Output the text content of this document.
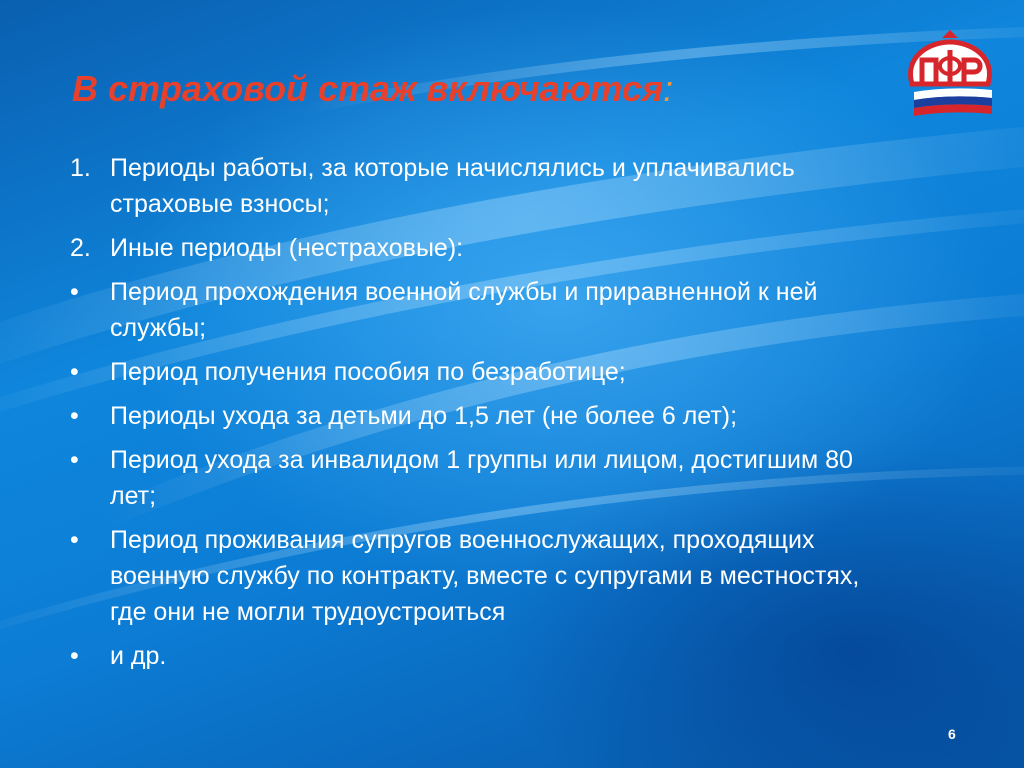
В страховой стаж включаются:
1. Периоды работы, за которые начислялись и уплачивались страховые взносы;
2. Иные периоды (нестраховые):
•	Период прохождения военной службы и приравненной к ней службы;
•	Период получения пособия по безработице;
•	Периоды ухода за детьми до 1,5 лет (не более 6 лет);
•	Период ухода за инвалидом 1 группы или лицом, достигшим 80 лет;
•	Период проживания супругов военнослужащих, проходящих военную службу по контракту, вместе с супругами в местностях, где они не могли трудоустроиться
•	и др.
6
